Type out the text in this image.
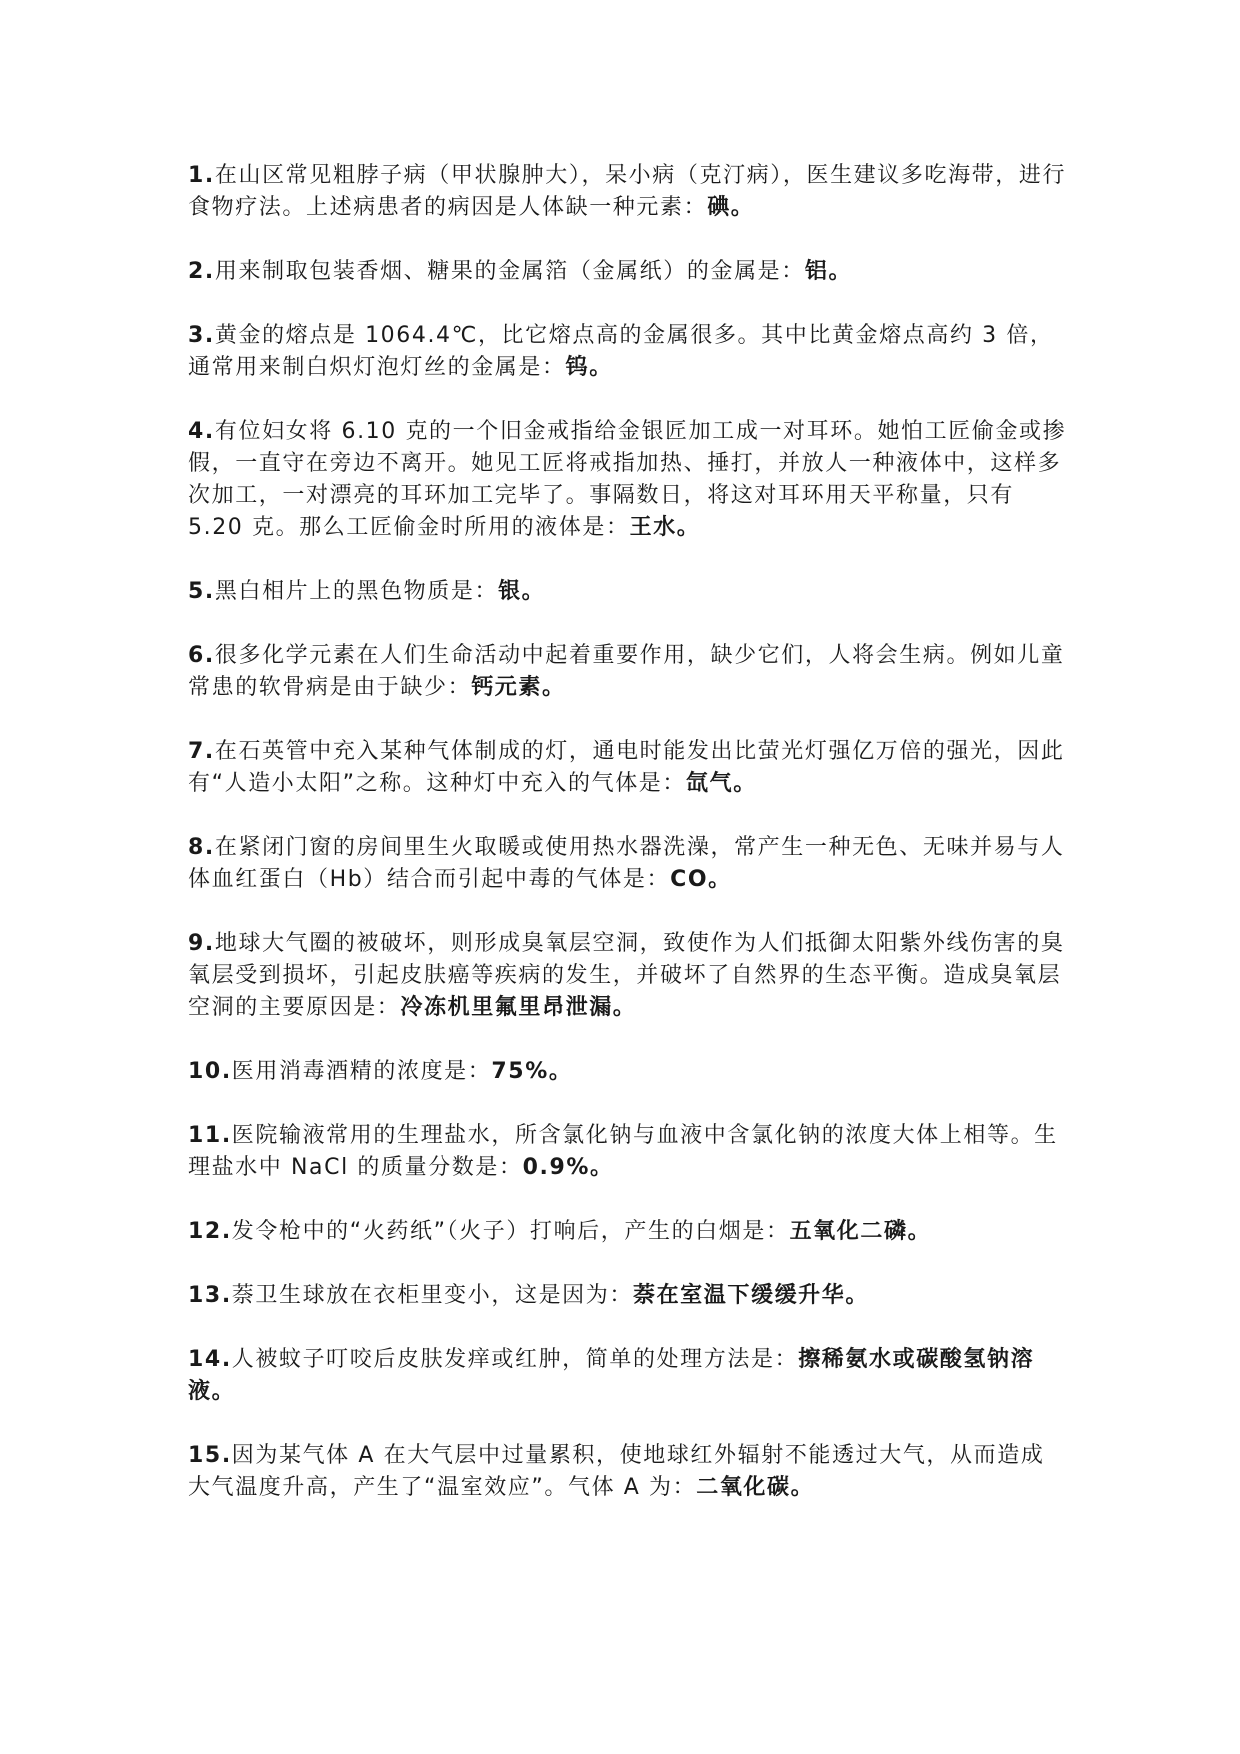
1.在山区常见粗脖子病（甲状腺肿大），呆小病（克汀病），医生建议多吃海带，进行食物疗法。上述病患者的病因是人体缺一种元素：碘。

2.用来制取包装香烟、糖果的金属箔（金属纸）的金属是：铝。

3.黄金的熔点是 1064.4℃，比它熔点高的金属很多。其中比黄金熔点高约 3 倍，通常用来制白炽灯泡灯丝的金属是：钨。

4.有位妇女将 6.10 克的一个旧金戒指给金银匠加工成一对耳环。她怕工匠偷金或掺假，一直守在旁边不离开。她见工匠将戒指加热、捶打，并放人一种液体中，这样多次加工，一对漂亮的耳环加工完毕了。事隔数日，将这对耳环用天平称量，只有 5.20 克。那么工匠偷金时所用的液体是：王水。

5.黑白相片上的黑色物质是：银。

6.很多化学元素在人们生命活动中起着重要作用，缺少它们，人将会生病。例如儿童常患的软骨病是由于缺少：钙元素。

7.在石英管中充入某种气体制成的灯，通电时能发出比萤光灯强亿万倍的强光，因此有“人造小太阳”之称。这种灯中充入的气体是：氙气。

8.在紧闭门窗的房间里生火取暖或使用热水器洗澡，常产生一种无色、无味并易与人体血红蛋白（Hb）结合而引起中毒的气体是：CO。

9.地球大气圈的被破坏，则形成臭氧层空洞，致使作为人们抵御太阳紫外线伤害的臭氧层受到损坏，引起皮肤癌等疾病的发生，并破坏了自然界的生态平衡。造成臭氧层空洞的主要原因是：冷冻机里氟里昂泄漏。

10.医用消毒酒精的浓度是：75%。

11.医院输液常用的生理盐水，所含氯化钠与血液中含氯化钠的浓度大体上相等。生理盐水中 NaCl 的质量分数是：0.9%。

12.发令枪中的“火药纸”（火子）打响后，产生的白烟是：五氧化二磷。

13.萘卫生球放在衣柜里变小，这是因为：萘在室温下缓缓升华。

14.人被蚊子叮咬后皮肤发痒或红肿，简单的处理方法是：擦稀氨水或碳酸氢钠溶液。

15.因为某气体 A 在大气层中过量累积，使地球红外辐射不能透过大气，从而造成大气温度升高，产生了“温室效应”。气体 A 为：二氧化碳。
